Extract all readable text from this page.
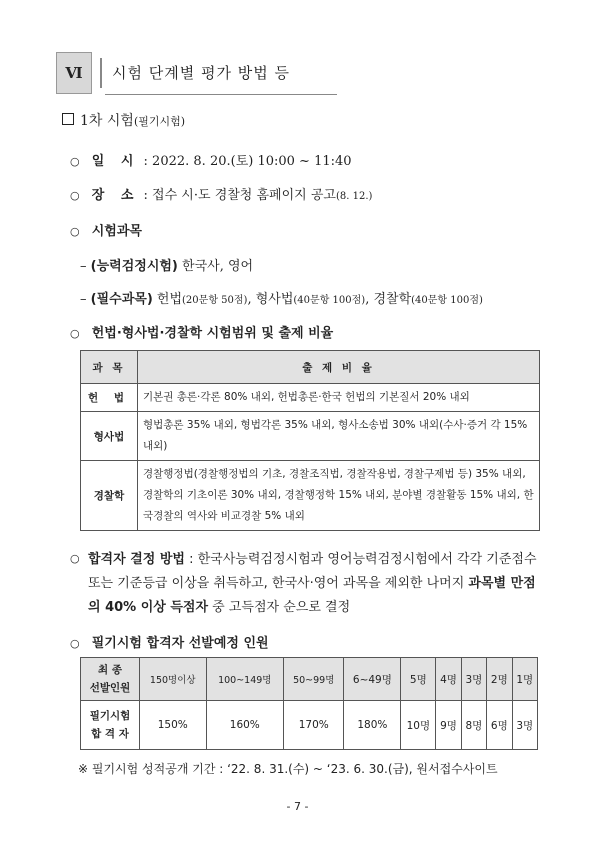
Ⅵ	시험 단계별 평가 방법 등
1차 시험(필기시험)
○ 일 시 : 2022. 8. 20.(토) 10:00 ~ 11:40
○ 장 소 : 접수 시·도 경찰청 홈페이지 공고(8. 12.)
○ 시험과목
– (능력검정시험) 한국사, 영어
– (필수과목) 헌법(20문항 50점), 형사법(40문항 100점), 경찰학(40문항 100점)
○ 헌법·형사법·경찰학 시험범위 및 출제 비율
과 목	출 제 비 율
헌 법	기본권 총론·각론 80% 내외, 헌법총론·한국 헌법의 기본질서 20% 내외
형사법	형법총론 35% 내외, 형법각론 35% 내외, 형사소송법 30% 내외(수사·증거 각 15% 내외)
경찰학	경찰행정법(경찰행정법의 기초, 경찰조직법, 경찰작용법, 경찰구제법 등) 35% 내외, 경찰학의 기초이론 30% 내외, 경찰행정학 15% 내외, 분야별 경찰활동 15% 내외, 한국경찰의 역사와 비교경찰 5% 내외
○ 합격자 결정 방법 : 한국사능력검정시험과 영어능력검정시험에서 각각 기준점수 또는 기준등급 이상을 취득하고, 한국사·영어 과목을 제외한 나머지 과목별 만점의 40% 이상 득점자 중 고득점자 순으로 결정
○ 필기시험 합격자 선발예정 인원
최 종
선발인원	150명이상	100~149명	50~99명	6~49명	5명	4명	3명	2명	1명

필기시험
합 격 자	150%	160%	170%	180%	10명	9명	8명	6명	3명
※ 필기시험 성적공개 기간 : ‘22. 8. 31.(수) ~ ‘23. 6. 30.(금), 원서접수사이트
- 7 -
